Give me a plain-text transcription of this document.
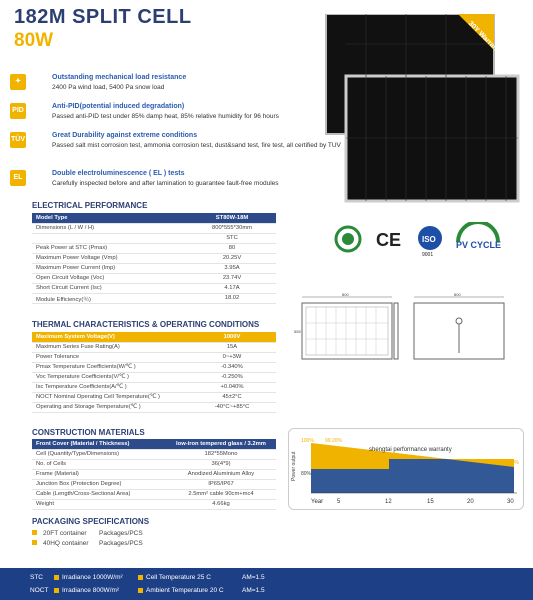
182M SPLIT CELL
80W	30Y Warranty
✦
Outstanding mechanical load resistance
2400 Pa wind load, 5400 Pa snow load
PID
Anti-PID(potential induced degradation)
Passed anti-PID test under 85% damp heat, 85% relative humidity for 96 hours
TÜV
Great Durability against extreme conditions
Passed salt mist corrosion test, ammonia corrosion test, dust&sand test, fire test, all certified by TUV
EL
Double electroluminescence ( EL ) tests
Carefully inspected before and after lamination to guarantee fault-free modules
ELECTRICAL PERFORMANCE
Model Type	ST80W-18M
Dimensions (L / W / H)	800*555*30mm
	STC
Peak Power at STC (Pmax)	80
Maximum Power Voltage (Vmp)	20.25V
Maximum Power Current (Imp)	3.95A
Open Circuit Voltage (Voc)	23.74V
Short Circuit Current (Isc)	4.17A
Module Efficiency(％)	18.02
CE	ISO
9001
PV CYCLE
800	800
555
THERMAL CHARACTERISTICS & OPERATING CONDITIONS
Maximum System Voltage(V)	1000V
Maximum Series Fuse Rating(A)	15A
Power Tolerance	0~+3W
Pmax Temperature Coefficients(W/℃ )	-0.340%
Voc Temperature Coefficients(V/℃ )	-0.250%
Isc Temperature Coefficients(A/℃ )	+0.040%
NOCT Nominal Operating Cell Temperature(℃ )	45±2°C
Operating and Storage Temperature(℃ )	-40°C~+85°C
CONSTRUCTION MATERIALS
Front Cover (Material / Thickness)	low-iron tempered glass / 3.2mm
Cell (Quantity/Type/Dimensions)	182*55Mono
No. of Cells	36(4*9)
Frame (Material)	Anodized Aluminium Alloy
Junction Box (Protection Degree)	IP65/IP67
Cable (Length/Cross-Sectional Area)	2.5mm² cable 90cm+mc4
Weight	4.66kg
Power output
100% 99.20%
80%
80%
shengtai performance warranty
Year 5	12	15	20	30
PACKAGING SPECIFICATIONS
20FT container Packages/PCS
40HQ container Packages/PCS
STC	Irradiance 1000W/m²	Cell Temperature 25 C	AM=1.5
NOCT Irradiance 800W/m²	Ambient Temperature 20 C	AM=1.5
